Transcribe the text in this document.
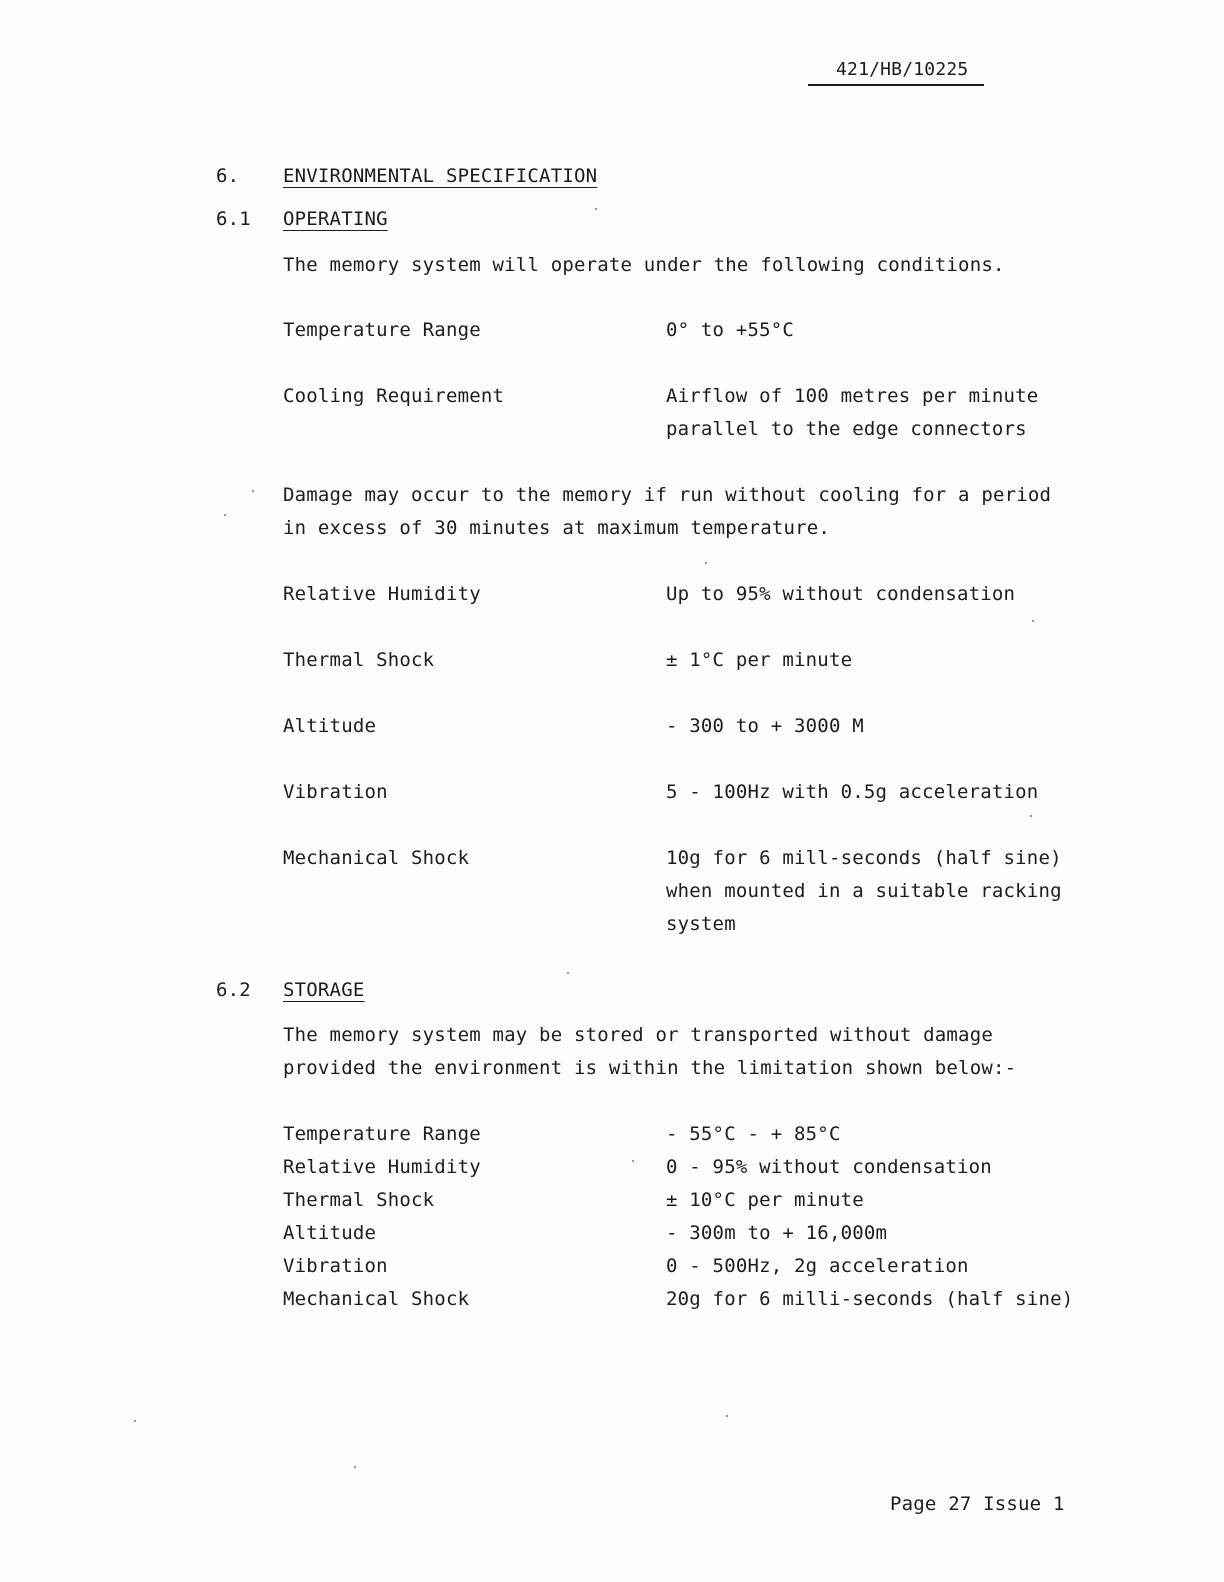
421/HB/10225
6. ENVIRONMENTAL SPECIFICATION
6.1 OPERATING
The memory system will operate under the following conditions.
Temperature Range	0° to +55°C
Cooling Requirement	Airflow of 100 metres per minute
parallel to the edge connectors
Damage may occur to the memory if run without cooling for a period
in excess of 30 minutes at maximum temperature.
Relative Humidity	Up to 95% without condensation
Thermal Shock	± 1°C per minute
Altitude	- 300 to + 3000 M
Vibration	5 - 100Hz with 0.5g acceleration
Mechanical Shock	10g for 6 mill-seconds (half sine)
when mounted in a suitable racking
system
6.2 STORAGE
The memory system may be stored or transported without damage
provided the environment is within the limitation shown below:-
Temperature Range	- 55°C - + 85°C
Relative Humidity	0 - 95% without condensation
Thermal Shock	± 10°C per minute
Altitude	- 300m to + 16,000m
Vibration	0 - 500Hz, 2g acceleration
Mechanical Shock	20g for 6 milli-seconds (half sine)
Page 27 Issue 1
